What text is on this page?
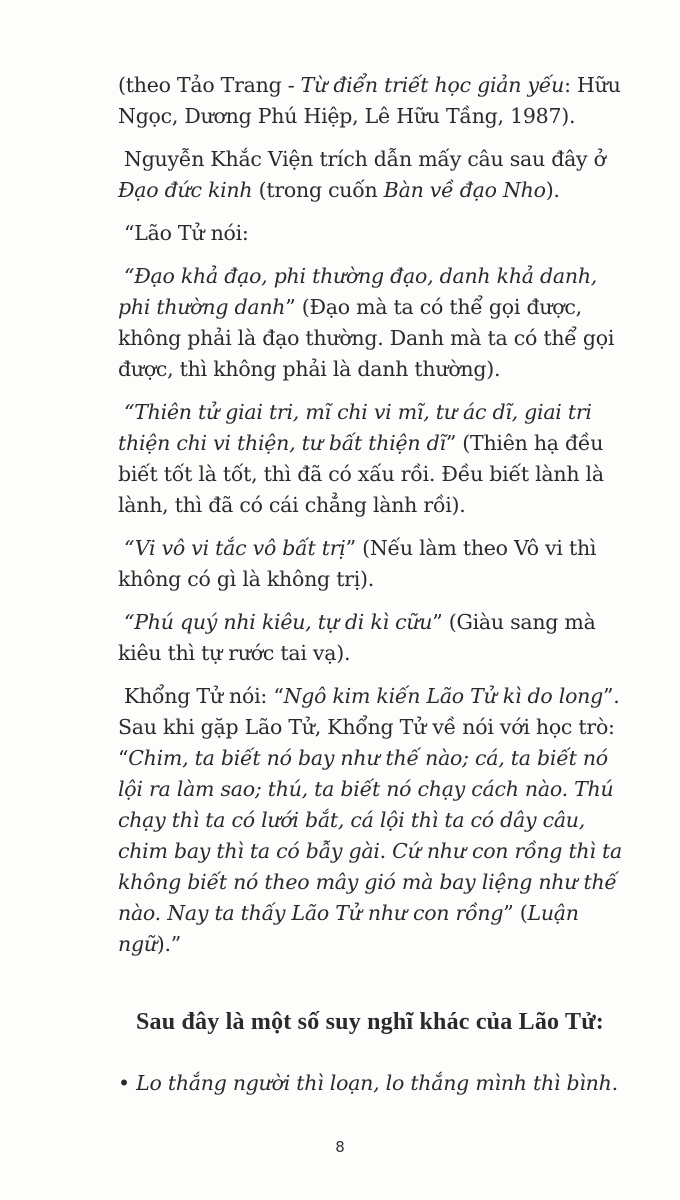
(theo Tảo Trang - Từ điển triết học giản yếu: Hữu Ngọc, Dương Phú Hiệp, Lê Hữu Tầng, 1987).

Nguyễn Khắc Viện trích dẫn mấy câu sau đây ở Đạo đức kinh (trong cuốn Bàn về đạo Nho).

“Lão Tử nói:

“Đạo khả đạo, phi thường đạo, danh khả danh, phi thường danh” (Đạo mà ta có thể gọi được, không phải là đạo thường. Danh mà ta có thể gọi được, thì không phải là danh thường).

“Thiên tử giai tri, mĩ chi vi mĩ, tư ác dĩ, giai tri thiện chi vi thiện, tư bất thiện dĩ” (Thiên hạ đều biết tốt là tốt, thì đã có xấu rồi. Đều biết lành là lành, thì đã có cái chẳng lành rồi).

“Vi vô vi tắc vô bất trị” (Nếu làm theo Vô vi thì không có gì là không trị).

“Phú quý nhi kiêu, tự di kì cữu” (Giàu sang mà kiêu thì tự rước tai vạ).

Khổng Tử nói: “Ngô kim kiến Lão Tử kì do long”. Sau khi gặp Lão Tử, Khổng Tử về nói với học trò: “Chim, ta biết nó bay như thế nào; cá, ta biết nó lội ra làm sao; thú, ta biết nó chạy cách nào. Thú chạy thì ta có lưới bắt, cá lội thì ta có dây câu, chim bay thì ta có bẫy gài. Cứ như con rồng thì ta không biết nó theo mây gió mà bay liệng như thế nào. Nay ta thấy Lão Tử như con rồng” (Luận ngữ).”

Sau đây là một số suy nghĩ khác của Lão Tử:

• Lo thắng người thì loạn, lo thắng mình thì bình.

8
